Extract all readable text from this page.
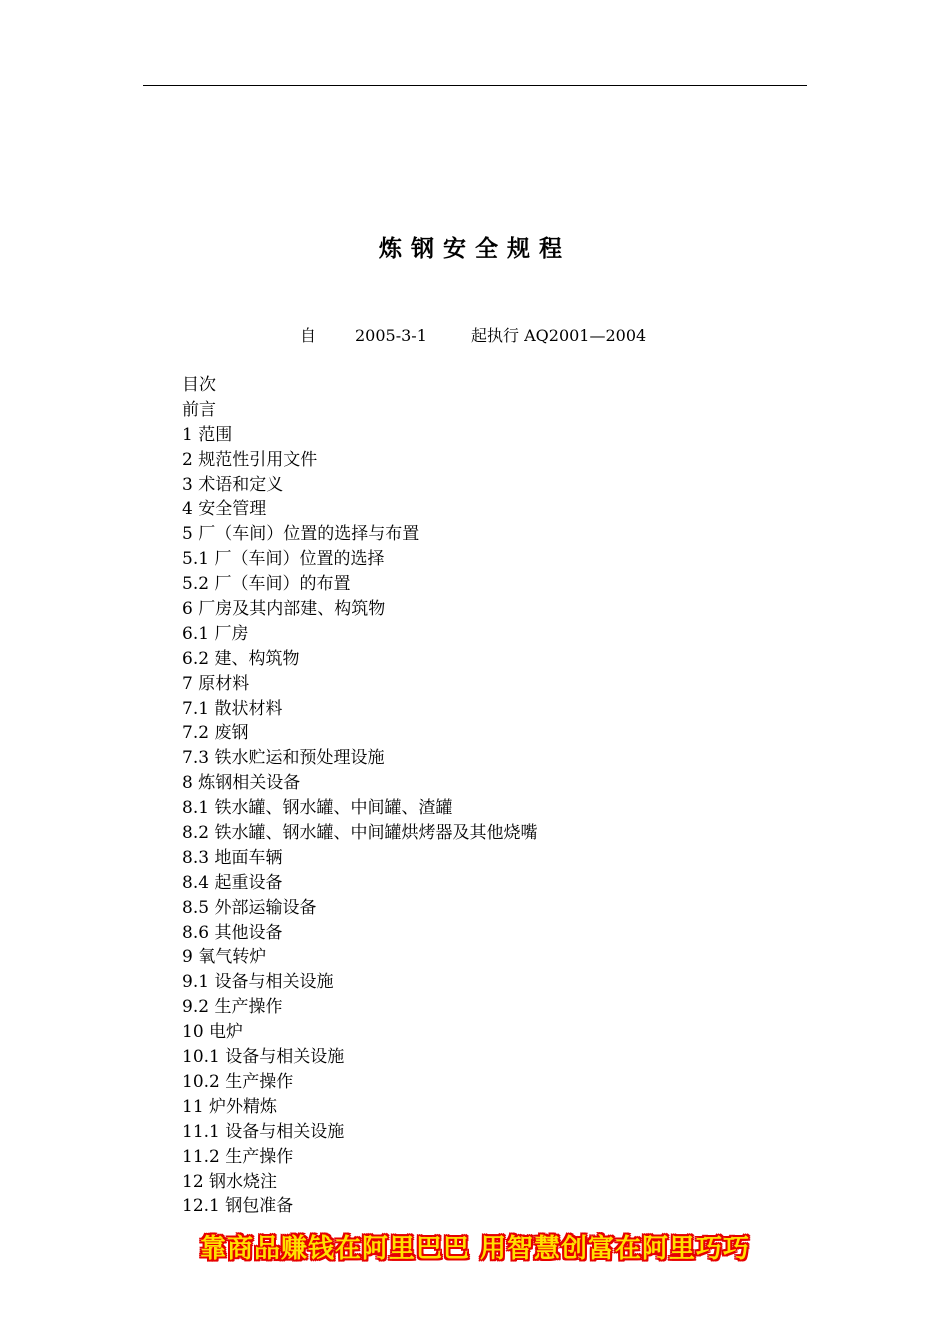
炼钢安全规程

自

2005-3-1

	起执行 AQ2001—2004

目次
前言
1 范围
2 规范性引用文件
3 术语和定义
4 安全管理
5 厂（车间）位置的选择与布置
5.1 厂（车间）位置的选择
5.2 厂（车间）的布置
6 厂房及其内部建、构筑物
6.1 厂房
6.2 建、构筑物
7 原材料
7.1 散状材料
7.2 废钢
7.3 铁水贮运和预处理设施
8 炼钢相关设备
8.1 铁水罐、钢水罐、中间罐、渣罐
8.2 铁水罐、钢水罐、中间罐烘烤器及其他烧嘴
8.3 地面车辆
8.4 起重设备
8.5 外部运输设备
8.6 其他设备
9 氧气转炉
9.1 设备与相关设施
9.2 生产操作
10 电炉
10.1 设备与相关设施
10.2 生产操作
11 炉外精炼
11.1 设备与相关设施
11.2 生产操作
12 钢水烧注
12.1 钢包准备
靠商品赚钱在阿里巴巴 用智慧创富在阿里巧巧
